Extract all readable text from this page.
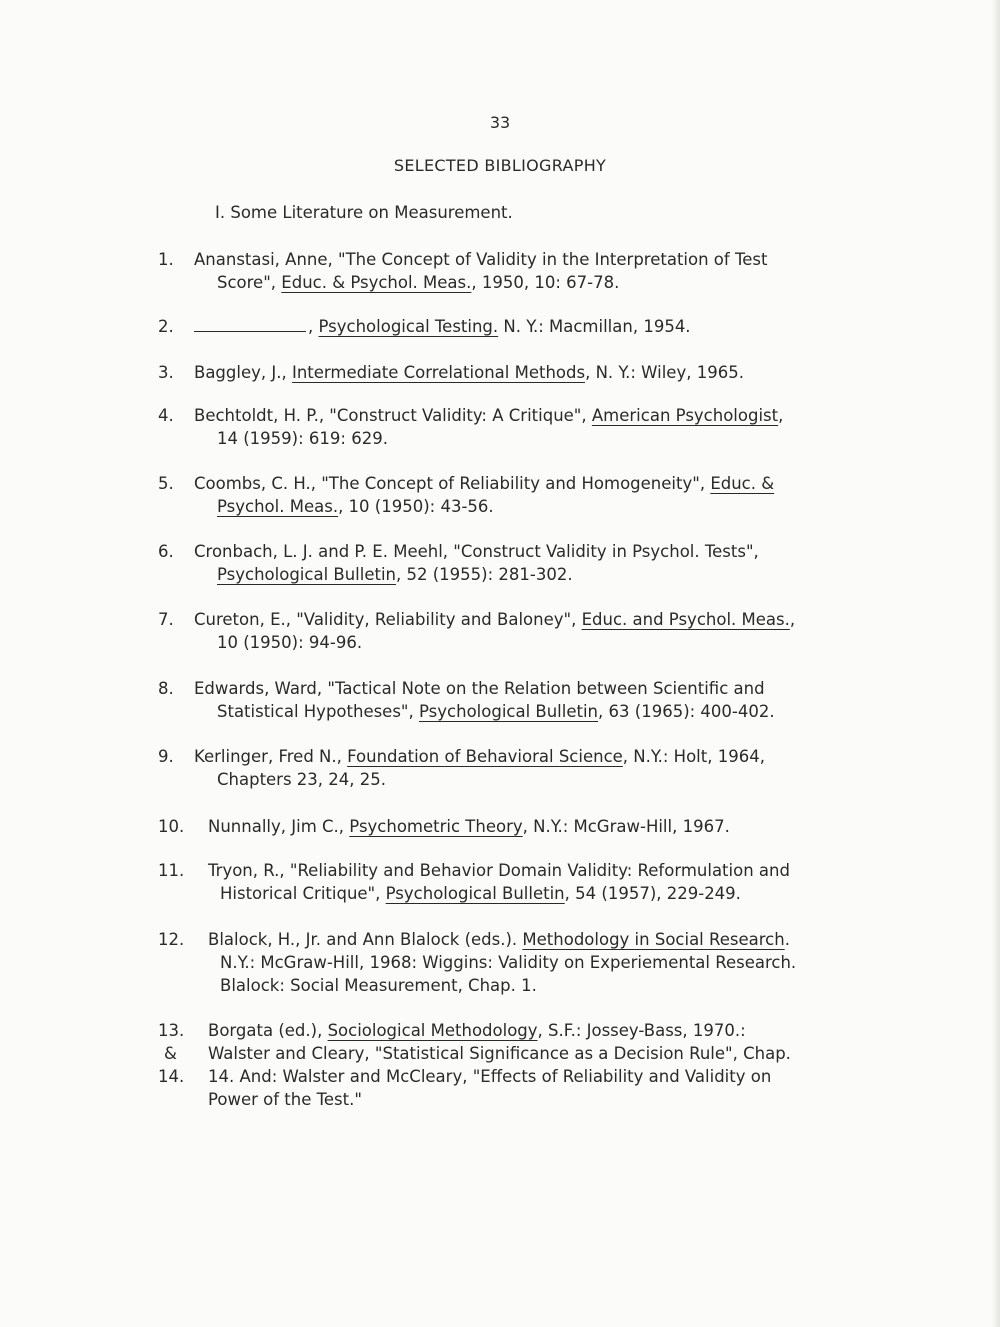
33
SELECTED BIBLIOGRAPHY
I. Some Literature on Measurement.
1.	Ananstasi, Anne, "The Concept of Validity in the Interpretation of Test
Score", Educ. & Psychol. Meas., 1950, 10: 67-78.
2.	, Psychological Testing. N. Y.: Macmillan, 1954.
3.	Baggley, J., Intermediate Correlational Methods, N. Y.: Wiley, 1965.
4.	Bechtoldt, H. P., "Construct Validity: A Critique", American Psychologist,
14 (1959): 619: 629.
5.	Coombs, C. H., "The Concept of Reliability and Homogeneity", Educ. &
Psychol. Meas., 10 (1950): 43-56.
6.	Cronbach, L. J. and P. E. Meehl, "Construct Validity in Psychol. Tests",
Psychological Bulletin, 52 (1955): 281-302.
7.	Cureton, E., "Validity, Reliability and Baloney", Educ. and Psychol. Meas.,
10 (1950): 94-96.
8.	Edwards, Ward, "Tactical Note on the Relation between Scientific and
Statistical Hypotheses", Psychological Bulletin, 63 (1965): 400-402.
9.	Kerlinger, Fred N., Foundation of Behavioral Science, N.Y.: Holt, 1964,
Chapters 23, 24, 25.
10.	Nunnally, Jim C., Psychometric Theory, N.Y.: McGraw-Hill, 1967.
11.	Tryon, R., "Reliability and Behavior Domain Validity: Reformulation and
Historical Critique", Psychological Bulletin, 54 (1957), 229-249.
12.	Blalock, H., Jr. and Ann Blalock (eds.). Methodology in Social Research.
N.Y.: McGraw-Hill, 1968: Wiggins: Validity on Experiemental Research.
Blalock: Social Measurement, Chap. 1.
13.
&
14.
Borgata (ed.), Sociological Methodology, S.F.: Jossey-Bass, 1970.:
Walster and Cleary, "Statistical Significance as a Decision Rule", Chap.
14. And: Walster and McCleary, "Effects of Reliability and Validity on
Power of the Test."
